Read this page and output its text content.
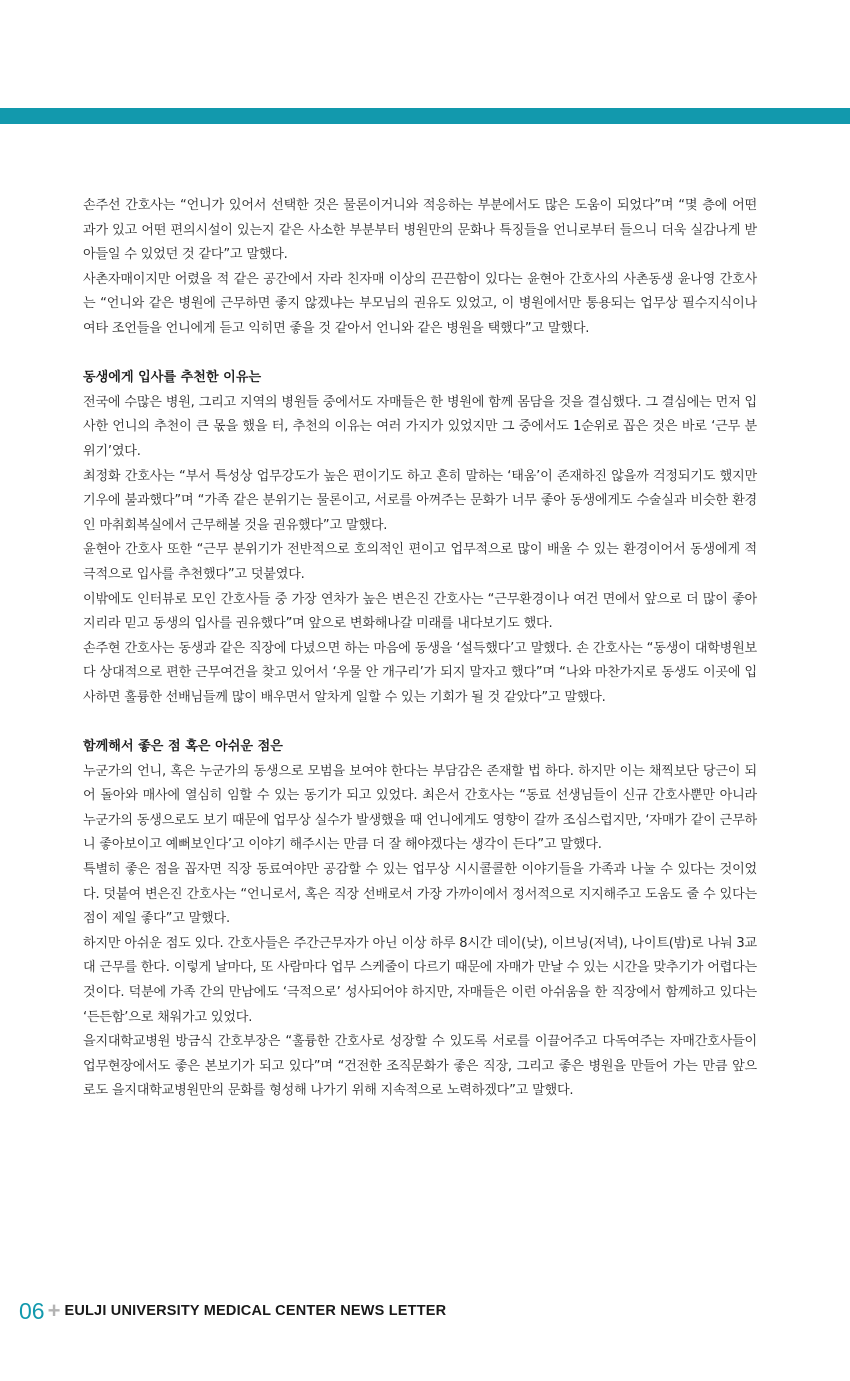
손주선 간호사는 “언니가 있어서 선택한 것은 물론이거니와 적응하는 부분에서도 많은 도움이 되었다”며 “몇 층에 어떤 과가 있고 어떤 편의시설이 있는지 같은 사소한 부분부터 병원만의 문화나 특징들을 언니로부터 들으니 더욱 실감나게 받아들일 수 있었던 것 같다”고 말했다.

사촌자매이지만 어렸을 적 같은 공간에서 자라 친자매 이상의 끈끈함이 있다는 윤현아 간호사의 사촌동생 윤나영 간호사는 “언니와 같은 병원에 근무하면 좋지 않겠냐는 부모님의 권유도 있었고, 이 병원에서만 통용되는 업무상 필수지식이나 여타 조언들을 언니에게 듣고 익히면 좋을 것 같아서 언니와 같은 병원을 택했다”고 말했다.

동생에게 입사를 추천한 이유는

전국에 수많은 병원, 그리고 지역의 병원들 중에서도 자매들은 한 병원에 함께 몸담을 것을 결심했다. 그 결심에는 먼저 입사한 언니의 추천이 큰 몫을 했을 터, 추천의 이유는 여러 가지가 있었지만 그 중에서도 1순위로 꼽은 것은 바로 ‘근무 분위기’였다.

최정화 간호사는 “부서 특성상 업무강도가 높은 편이기도 하고 흔히 말하는 ‘태움’이 존재하진 않을까 걱정되기도 했지만 기우에 불과했다”며 “가족 같은 분위기는 물론이고, 서로를 아껴주는 문화가 너무 좋아 동생에게도 수술실과 비슷한 환경인 마취회복실에서 근무해볼 것을 권유했다”고 말했다.

윤현아 간호사 또한 “근무 분위기가 전반적으로 호의적인 편이고 업무적으로 많이 배울 수 있는 환경이어서 동생에게 적극적으로 입사를 추천했다”고 덧붙였다.

이밖에도 인터뷰로 모인 간호사들 중 가장 연차가 높은 변은진 간호사는 “근무환경이나 여건 면에서 앞으로 더 많이 좋아지리라 믿고 동생의 입사를 권유했다”며 앞으로 변화해나갈 미래를 내다보기도 했다.

손주현 간호사는 동생과 같은 직장에 다녔으면 하는 마음에 동생을 ‘설득했다’고 말했다. 손 간호사는 “동생이 대학병원보다 상대적으로 편한 근무여건을 찾고 있어서 ‘우물 안 개구리’가 되지 말자고 했다”며 “나와 마찬가지로 동생도 이곳에 입사하면 훌륭한 선배님들께 많이 배우면서 알차게 일할 수 있는 기회가 될 것 같았다”고 말했다.

함께해서 좋은 점 혹은 아쉬운 점은

누군가의 언니, 혹은 누군가의 동생으로 모범을 보여야 한다는 부담감은 존재할 법 하다. 하지만 이는 채찍보단 당근이 되어 돌아와 매사에 열심히 임할 수 있는 동기가 되고 있었다. 최은서 간호사는 “동료 선생님들이 신규 간호사뿐만 아니라 누군가의 동생으로도 보기 때문에 업무상 실수가 발생했을 때 언니에게도 영향이 갈까 조심스럽지만, ‘자매가 같이 근무하니 좋아보이고 예뻐보인다’고 이야기 해주시는 만큼 더 잘 해야겠다는 생각이 든다”고 말했다.

특별히 좋은 점을 꼽자면 직장 동료여야만 공감할 수 있는 업무상 시시콜콜한 이야기들을 가족과 나눌 수 있다는 것이었다. 덧붙여 변은진 간호사는 “언니로서, 혹은 직장 선배로서 가장 가까이에서 정서적으로 지지해주고 도움도 줄 수 있다는 점이 제일 좋다”고 말했다.

하지만 아쉬운 점도 있다. 간호사들은 주간근무자가 아닌 이상 하루 8시간 데이(낮), 이브닝(저녁), 나이트(밤)로 나눠 3교대 근무를 한다. 이렇게 날마다, 또 사람마다 업무 스케줄이 다르기 때문에 자매가 만날 수 있는 시간을 맞추기가 어렵다는 것이다. 덕분에 가족 간의 만남에도 ‘극적으로’ 성사되어야 하지만, 자매들은 이런 아쉬움을 한 직장에서 함께하고 있다는 ‘든든함’으로 채워가고 있었다.

을지대학교병원 방금식 간호부장은 “훌륭한 간호사로 성장할 수 있도록 서로를 이끌어주고 다독여주는 자매간호사들이 업무현장에서도 좋은 본보기가 되고 있다”며 “건전한 조직문화가 좋은 직장, 그리고 좋은 병원을 만들어 가는 만큼 앞으로도 을지대학교병원만의 문화를 형성해 나가기 위해 지속적으로 노력하겠다”고 말했다.

06 + EULJI UNIVERSITY MEDICAL CENTER NEWS LETTER
